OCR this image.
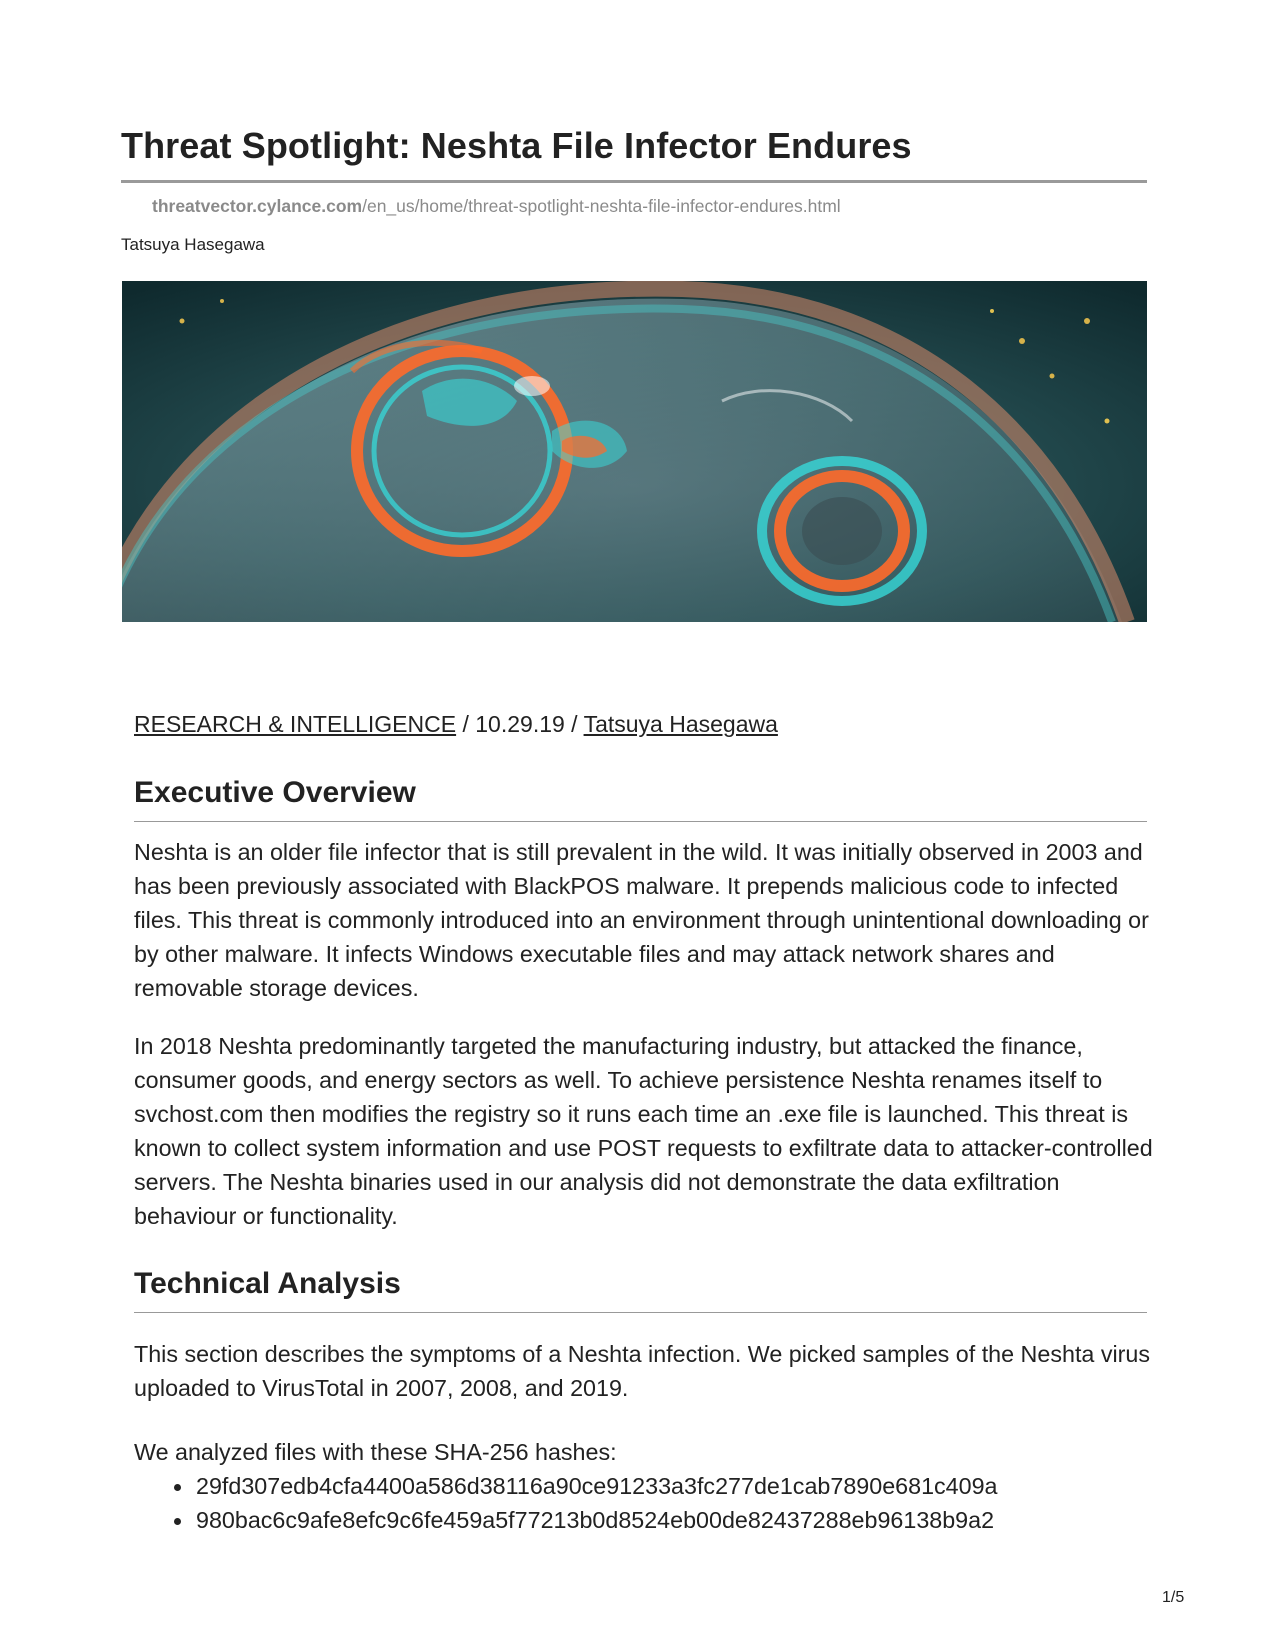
Threat Spotlight: Neshta File Infector Endures
threatvector.cylance.com/en_us/home/threat-spotlight-neshta-file-infector-endures.html
Tatsuya Hasegawa
RESEARCH & INTELLIGENCE / 10.29.19 / Tatsuya Hasegawa
Executive Overview

Neshta is an older file infector that is still prevalent in the wild. It was initially observed in 2003 and has been previously associated with BlackPOS malware. It prepends malicious code to infected files. This threat is commonly introduced into an environment through unintentional downloading or by other malware. It infects Windows executable files and may attack network shares and removable storage devices.

In 2018 Neshta predominantly targeted the manufacturing industry, but attacked the finance, consumer goods, and energy sectors as well. To achieve persistence Neshta renames itself to svchost.com then modifies the registry so it runs each time an .exe file is launched. This threat is known to collect system information and use POST requests to exfiltrate data to attacker-controlled servers. The Neshta binaries used in our analysis did not demonstrate the data exfiltration behaviour or functionality.

Technical Analysis

This section describes the symptoms of a Neshta infection. We picked samples of the Neshta virus uploaded to VirusTotal in 2007, 2008, and 2019.

We analyzed files with these SHA-256 hashes:

29fd307edb4cfa4400a586d38116a90ce91233a3fc277de1cab7890e681c409a
980bac6c9afe8efc9c6fe459a5f77213b0d8524eb00de82437288eb96138b9a2
1/5
